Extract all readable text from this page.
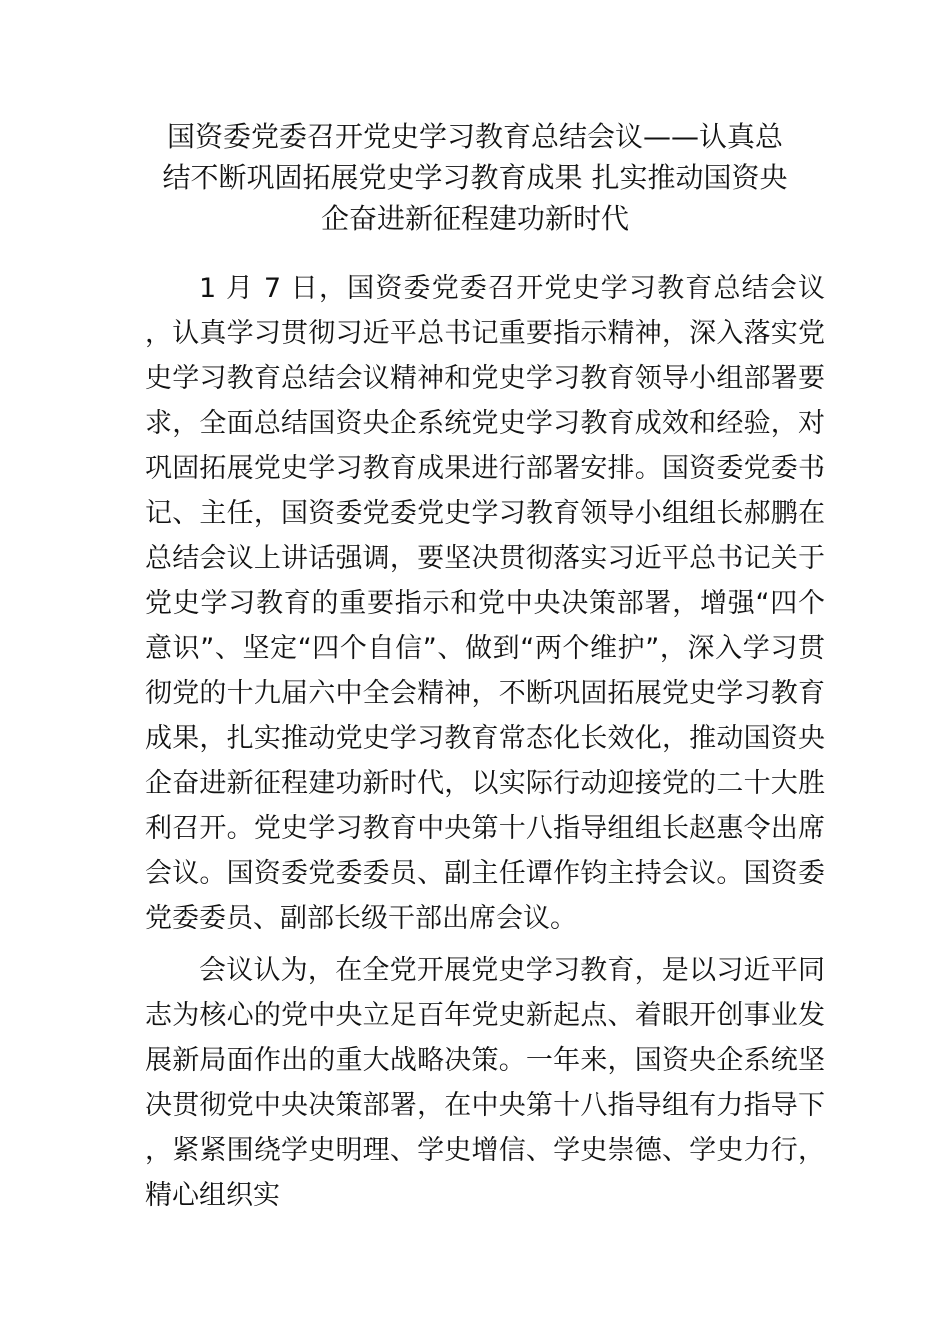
国资委党委召开党史学习教育总结会议——认真总
结不断巩固拓展党史学习教育成果 扎实推动国资央
企奋进新征程建功新时代

1 月 7 日，国资委党委召开党史学习教育总结会议，认真学习贯彻习近平总书记重要指示精神，深入落实党史学习教育总结会议精神和党史学习教育领导小组部署要求，全面总结国资央企系统党史学习教育成效和经验，对巩固拓展党史学习教育成果进行部署安排。国资委党委书记、主任，国资委党委党史学习教育领导小组组长郝鹏在总结会议上讲话强调，要坚决贯彻落实习近平总书记关于党史学习教育的重要指示和党中央决策部署，增强“四个意识”、坚定“四个自信”、做到“两个维护”，深入学习贯彻党的十九届六中全会精神，不断巩固拓展党史学习教育成果，扎实推动党史学习教育常态化长效化，推动国资央企奋进新征程建功新时代，以实际行动迎接党的二十大胜利召开。党史学习教育中央第十八指导组组长赵惠令出席会议。国资委党委委员、副主任谭作钧主持会议。国资委党委委员、副部长级干部出席会议。

会议认为，在全党开展党史学习教育，是以习近平同志为核心的党中央立足百年党史新起点、着眼开创事业发展新局面作出的重大战略决策。一年来，国资央企系统坚决贯彻党中央决策部署，在中央第十八指导组有力指导下，紧紧围绕学史明理、学史增信、学史崇德、学史力行，精心组织实
